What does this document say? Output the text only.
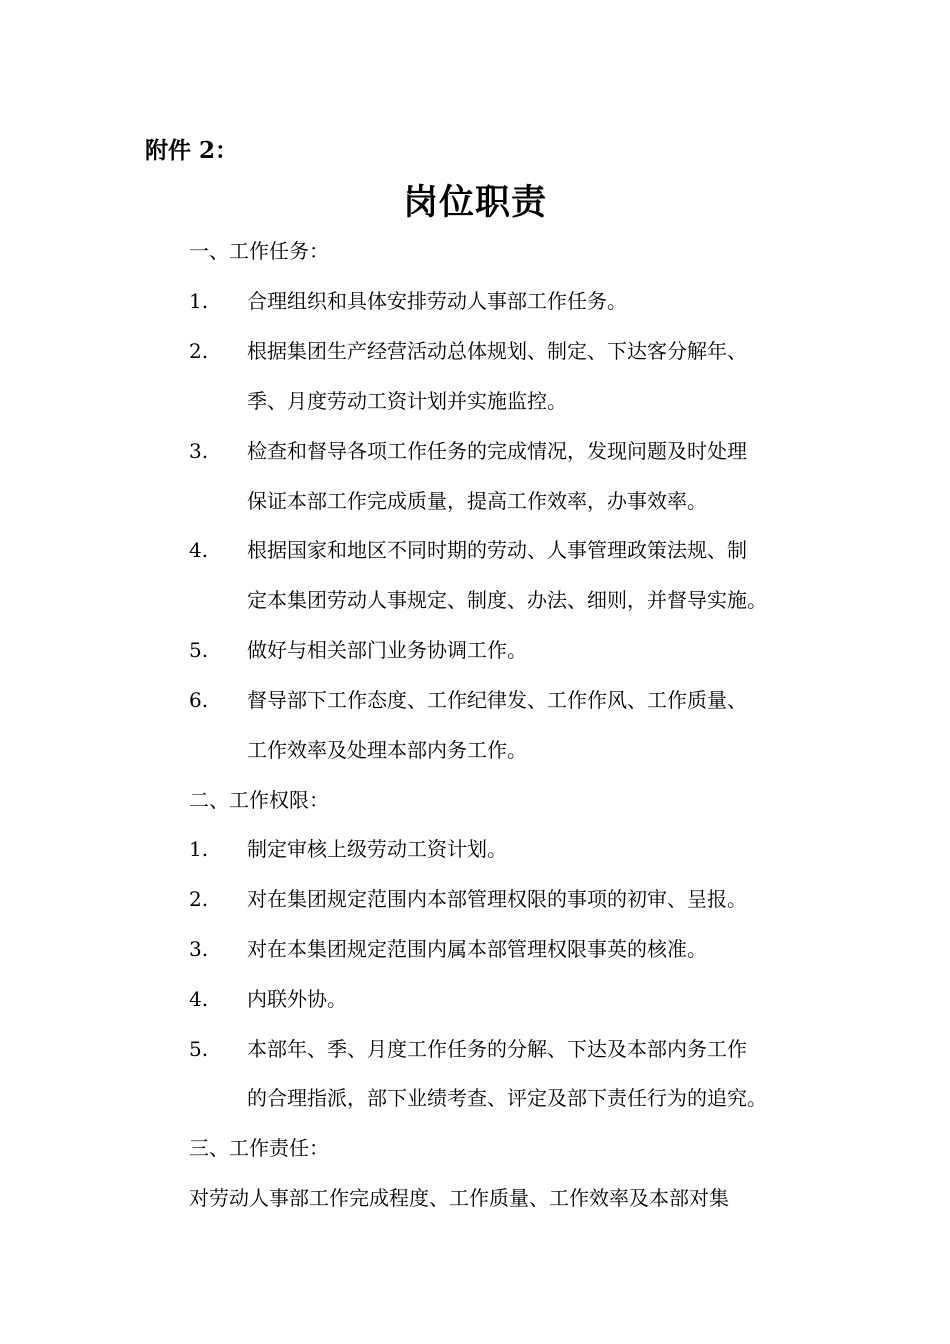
附件 2：
岗位职责
一、工作任务：
1. 合理组织和具体安排劳动人事部工作任务。
2. 根据集团生产经营活动总体规划、制定、下达客分解年、
季、月度劳动工资计划并实施监控。
3. 检查和督导各项工作任务的完成情况，发现问题及时处理
保证本部工作完成质量，提高工作效率，办事效率。
4. 根据国家和地区不同时期的劳动、人事管理政策法规、制
定本集团劳动人事规定、制度、办法、细则，并督导实施。
5. 做好与相关部门业务协调工作。
6. 督导部下工作态度、工作纪律发、工作作风、工作质量、
工作效率及处理本部内务工作。
二、工作权限：
1. 制定审核上级劳动工资计划。
2. 对在集团规定范围内本部管理权限的事项的初审、呈报。
3. 对在本集团规定范围内属本部管理权限事英的核准。
4. 内联外协。
5. 本部年、季、月度工作任务的分解、下达及本部内务工作
的合理指派，部下业绩考查、评定及部下责任行为的追究。
三、工作责任：
对劳动人事部工作完成程度、工作质量、工作效率及本部对集
